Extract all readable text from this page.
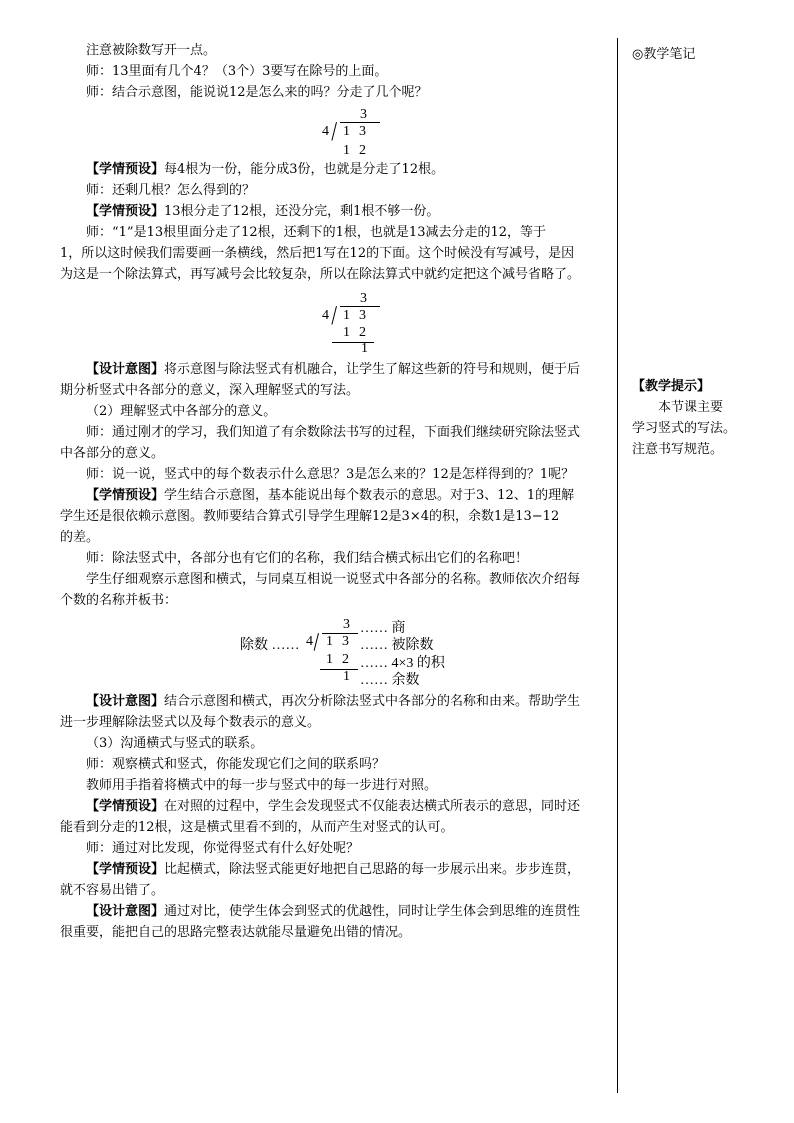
◎教学笔记
【教学提示】
本节课主要
学习竖式的写法。
注意书写规范。

注意被除数写开一点。

师：13里面有几个4？（3个）3要写在除号的上面。

师：结合示意图，能说说12是怎么来的吗？分走了几个呢？

3
4 1 3
1 2

【学情预设】每4根为一份，能分成3份，也就是分走了12根。

师：还剩几根？怎么得到的？

【学情预设】13根分走了12根，还没分完，剩1根不够一份。

师：“1”是13根里面分走了12根，还剩下的1根，也就是13减去分走的12，等于

1，所以这时候我们需要画一条横线，然后把1写在12的下面。这个时候没有写减号，是因

为这是一个除法算式，再写减号会比较复杂，所以在除法算式中就约定把这个减号省略了。

3
4 1 3
1 2
1

【设计意图】将示意图与除法竖式有机融合，让学生了解这些新的符号和规则，便于后

期分析竖式中各部分的意义，深入理解竖式的写法。

（2）理解竖式中各部分的意义。

师：通过刚才的学习，我们知道了有余数除法书写的过程，下面我们继续研究除法竖式

中各部分的意义。

师：说一说，竖式中的每个数表示什么意思？3是怎么来的？12是怎样得到的？1呢？

【学情预设】学生结合示意图，基本能说出每个数表示的意思。对于3、12、1的理解

学生还是很依赖示意图。教师要结合算式引导学生理解12是3×4的积，余数1是13−12

的差。

师：除法竖式中，各部分也有它们的名称，我们结合横式标出它们的名称吧！

学生仔细观察示意图和横式，与同桌互相说一说竖式中各部分的名称。教师依次介绍每

个数的名称并板书：

3 …… 商
除数 …… 4 1 3 …… 被除数
1 2 …… 4×3 的积
1 …… 余数

【设计意图】结合示意图和横式，再次分析除法竖式中各部分的名称和由来。帮助学生

进一步理解除法竖式以及每个数表示的意义。

（3）沟通横式与竖式的联系。

师：观察横式和竖式，你能发现它们之间的联系吗？

教师用手指着将横式中的每一步与竖式中的每一步进行对照。

【学情预设】在对照的过程中，学生会发现竖式不仅能表达横式所表示的意思，同时还

能看到分走的12根，这是横式里看不到的，从而产生对竖式的认可。

师：通过对比发现，你觉得竖式有什么好处呢？

【学情预设】比起横式，除法竖式能更好地把自己思路的每一步展示出来。步步连贯，

就不容易出错了。

【设计意图】通过对比，使学生体会到竖式的优越性，同时让学生体会到思维的连贯性

很重要，能把自己的思路完整表达就能尽量避免出错的情况。
